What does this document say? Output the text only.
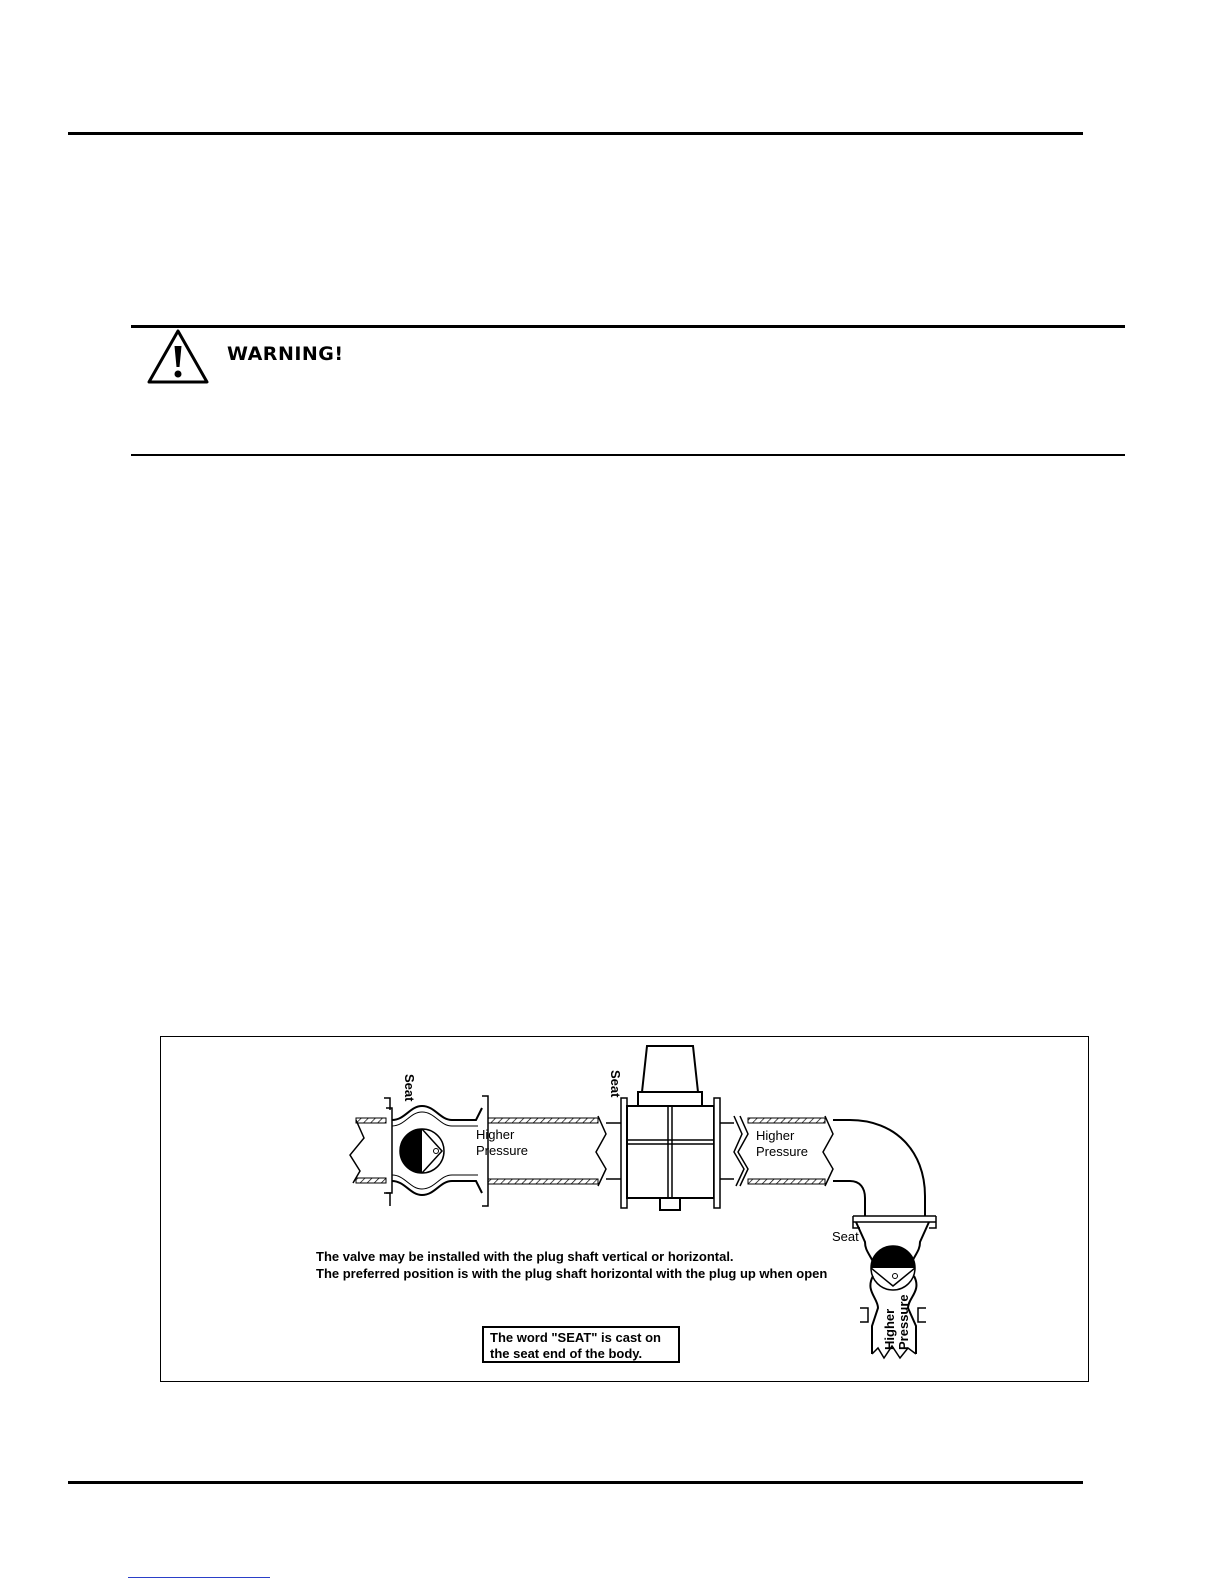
WARNING!
Seat	Seat
Higher
Pressure
Higher
Pressure
Seat
Higher Pressure
The valve may be installed with the plug shaft vertical or horizontal.
The preferred position is with the plug shaft horizontal with the plug up when open
The word "SEAT" is cast on
the seat end of the body.
